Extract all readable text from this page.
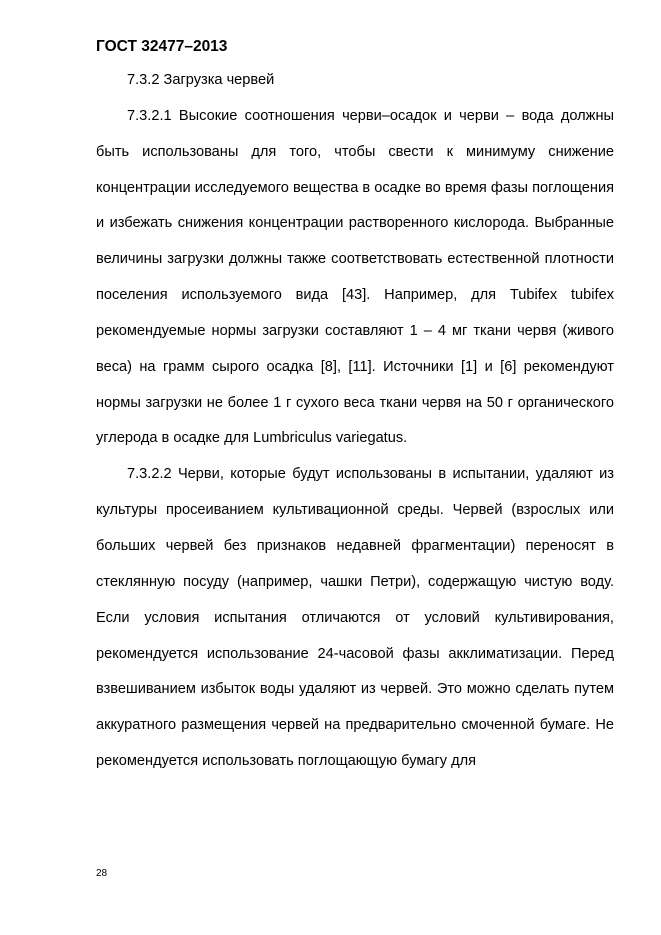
ГОСТ 32477–2013

7.3.2 Загрузка червей

7.3.2.1 Высокие соотношения черви–осадок и черви – вода должны быть использованы для того, чтобы свести к минимуму снижение концентрации исследуемого вещества в осадке во время фазы поглощения и избежать снижения концентрации растворенного кислорода. Выбранные величины загрузки должны также соответствовать естественной плотности поселения используемого вида [43]. Например, для Tubifex tubifex рекомендуемые нормы загрузки составляют 1 – 4 мг ткани червя (живого веса) на грамм сырого осадка [8], [11]. Источники [1] и [6] рекомендуют нормы загрузки не более 1 г сухого веса ткани червя на 50 г органического углерода в осадке для Lumbriculus variegatus.

7.3.2.2 Черви, которые будут использованы в испытании, удаляют из культуры просеиванием культивационной среды. Червей (взрослых или больших червей без признаков недавней фрагментации) переносят в стеклянную посуду (например, чашки Петри), содержащую чистую воду. Если условия испытания отличаются от условий культивирования, рекомендуется использование 24-часовой фазы акклиматизации. Перед взвешиванием избыток воды удаляют из червей. Это можно сделать путем аккуратного размещения червей на предварительно смоченной бумаге. Не рекомендуется использовать поглощающую бумагу для

28
